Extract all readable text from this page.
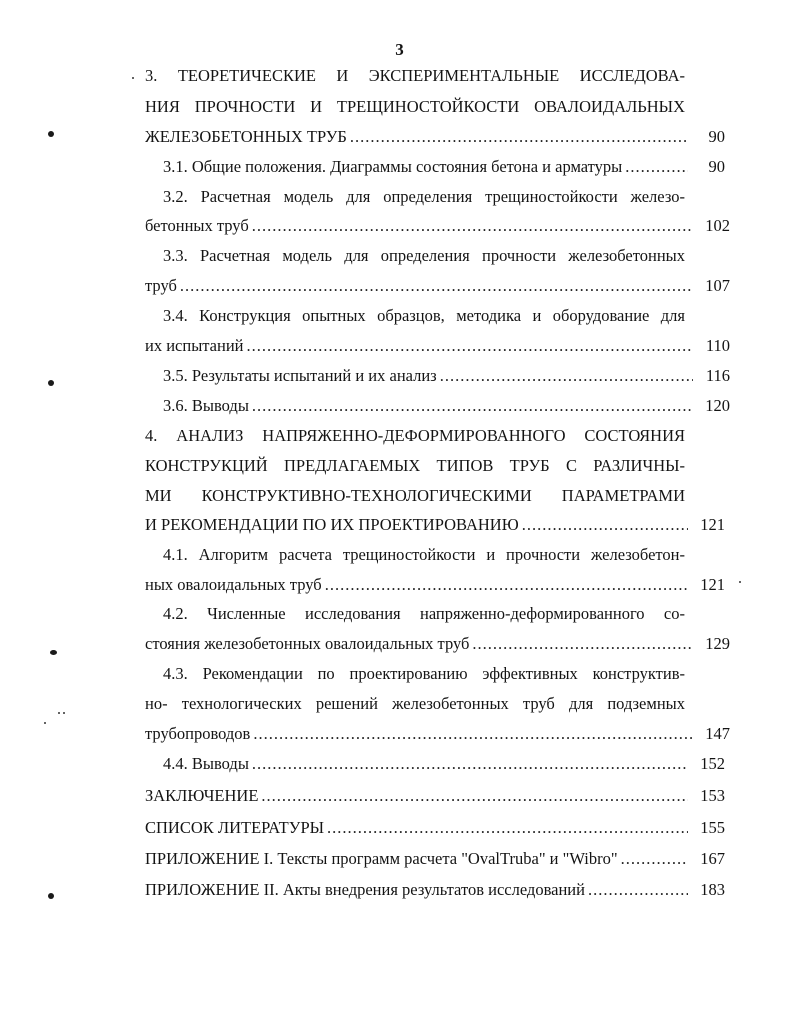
3
3. ТЕОРЕТИЧЕСКИЕ И ЭКСПЕРИМЕНТАЛЬНЫЕ ИССЛЕДОВА-
НИЯ ПРОЧНОСТИ И ТРЕЩИНОСТОЙКОСТИ ОВАЛОИДАЛЬНЫХ
ЖЕЛЕЗОБЕТОННЫХ ТРУБ .....	90
3.1. Общие положения. Диаграммы состояния бетона и арматуры .....	90
3.2. Расчетная модель для определения трещиностойкости железо-
бетонных труб .....	102
3.3. Расчетная модель для определения прочности железобетонных
труб .....	107
3.4. Конструкция опытных образцов, методика и оборудование для
их испытаний .....	110
3.5. Результаты испытаний и их анализ .....	116
3.6. Выводы .....	120
4. АНАЛИЗ НАПРЯЖЕННО-ДЕФОРМИРОВАННОГО СОСТОЯНИЯ
КОНСТРУКЦИЙ ПРЕДЛАГАЕМЫХ ТИПОВ ТРУБ С РАЗЛИЧНЫ-
МИ КОНСТРУКТИВНО-ТЕХНОЛОГИЧЕСКИМИ ПАРАМЕТРАМИ
И РЕКОМЕНДАЦИИ ПО ИХ ПРОЕКТИРОВАНИЮ .....	121
4.1. Алгоритм расчета трещиностойкости и прочности железобетон-
ных овалоидальных труб .....	121
4.2. Численные исследования напряженно-деформированного со-
стояния железобетонных овалоидальных труб .....	129
4.3. Рекомендации по проектированию эффективных конструктив-
но- технологических решений железобетонных труб для подземных
трубопроводов .....	147
4.4. Выводы .....	152
ЗАКЛЮЧЕНИЕ .....	153
СПИСОК ЛИТЕРАТУРЫ .....	155
ПРИЛОЖЕНИЕ I. Тексты программ расчета "OvalTruba" и "Wibro" .....	167
ПРИЛОЖЕНИЕ II. Акты внедрения результатов исследований .....	183
